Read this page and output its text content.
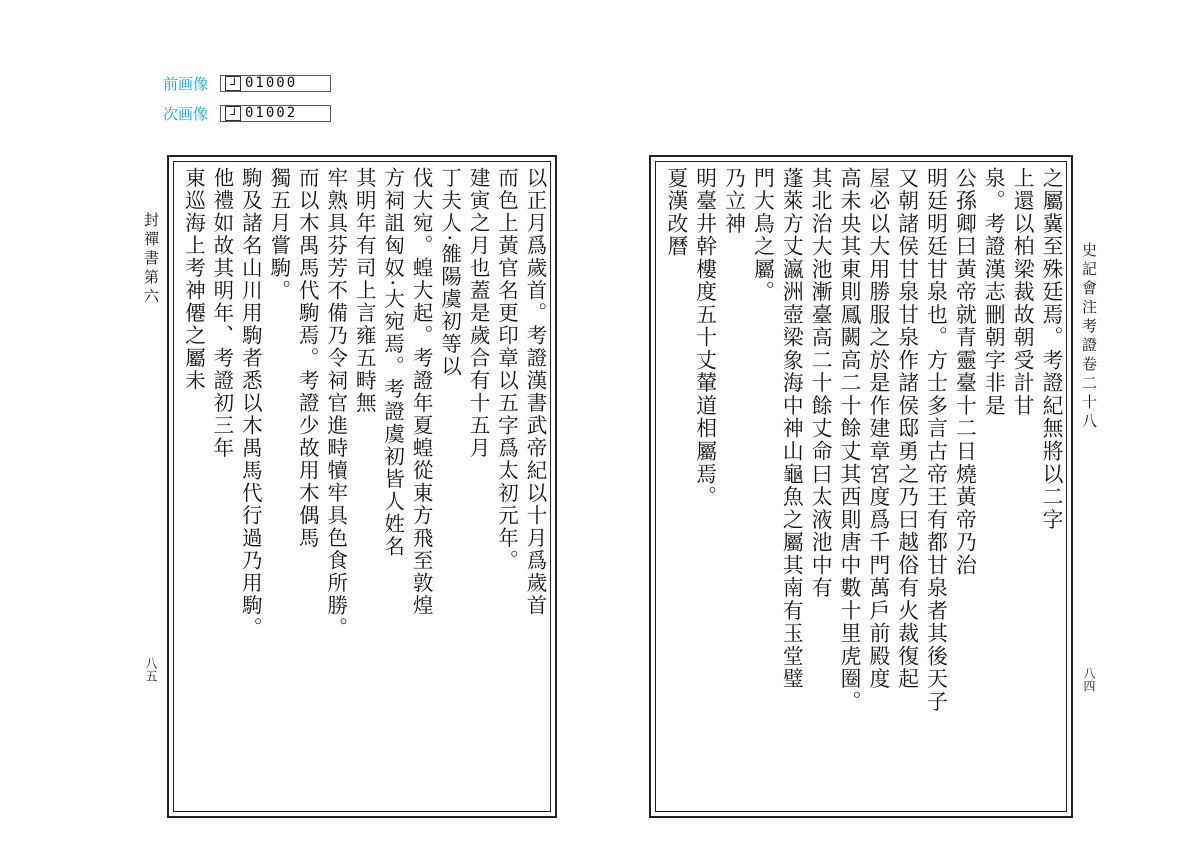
前画像	⅃ 01000
次画像	⅃ 01002
封禪書第六
八五
以正月爲歲首。考證漢書武帝紀以十月爲歲首
而色上黃官名更印章以五字爲太初元年。
建寅之月也蓋是歲合有十五月
丁夫人·雒陽虞初等以
伐大宛。蝗大起。考證年夏蝗從東方飛至敦煌
方祠詛匈奴·大宛焉。考證虞初皆人姓名
其明年有司上言雍五畤無
牢熟具芬芳不備乃令祠官進畤犢牢具色食所勝。
而以木禺馬代駒焉。考證少故用木偶馬
獨五月嘗駒。
駒及諸名山川用駒者悉以木禺馬代行過乃用駒。
他禮如故其明年、考證初三年
東巡海上考神僊之屬未	史記會注考證卷二十八
八四
之屬冀至殊廷焉。考證紀無將以二字
上還以柏梁裁故朝受計甘
泉。考證漢志刪朝字非是
公孫卿曰黃帝就青靈臺十二日燒黃帝乃治
明廷明廷甘泉也。方士多言古帝王有都甘泉者其後天子
又朝諸侯甘泉甘泉作諸侯邸勇之乃曰越俗有火裁復起
屋必以大用勝服之於是作建章宮度爲千門萬戶前殿度
高未央其東則鳳闕高二十餘丈其西則唐中數十里虎圈。
其北治大池漸臺高二十餘丈命曰太液池中有
蓬萊方丈瀛洲壺梁象海中神山龜魚之屬其南有玉堂璧
門大鳥之屬。
乃立神
明臺井幹樓度五十丈輦道相屬焉。
夏漢改曆
